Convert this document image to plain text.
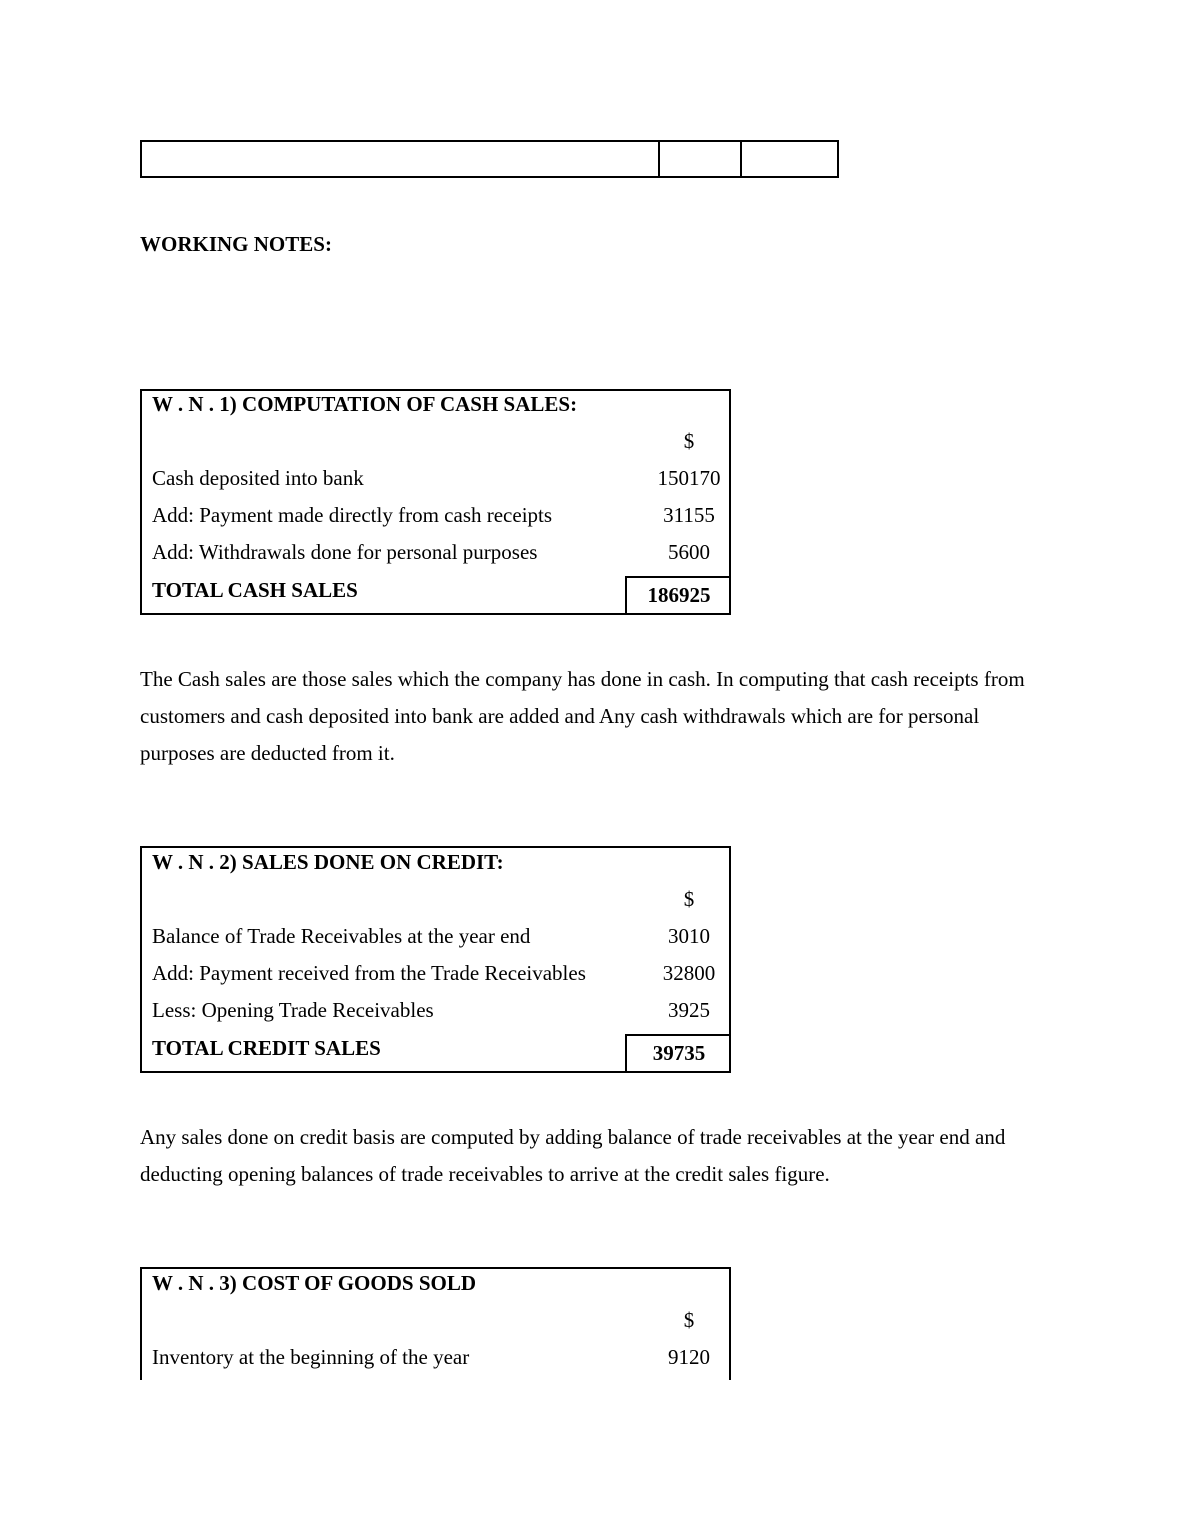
WORKING NOTES:
W . N . 1) COMPUTATION OF CASH SALES:
$
Cash deposited into bank	150170
Add: Payment made directly from cash receipts	31155
Add: Withdrawals done for personal purposes	5600
TOTAL CASH SALES	186925
The Cash sales are those sales which the company has done in cash. In computing that cash receipts from customers and cash deposited into bank are added and Any cash withdrawals which are for personal purposes are deducted from it.
W . N . 2) SALES DONE ON CREDIT:
$
Balance of Trade Receivables at the year end	3010
Add: Payment received from the Trade Receivables	32800
Less: Opening Trade Receivables	3925
TOTAL CREDIT SALES	39735
Any sales done on credit basis are computed by adding balance of trade receivables at the year end and deducting opening balances of trade receivables to arrive at the credit sales figure.
W . N . 3) COST OF GOODS SOLD
$
Inventory at the beginning of the year	9120
